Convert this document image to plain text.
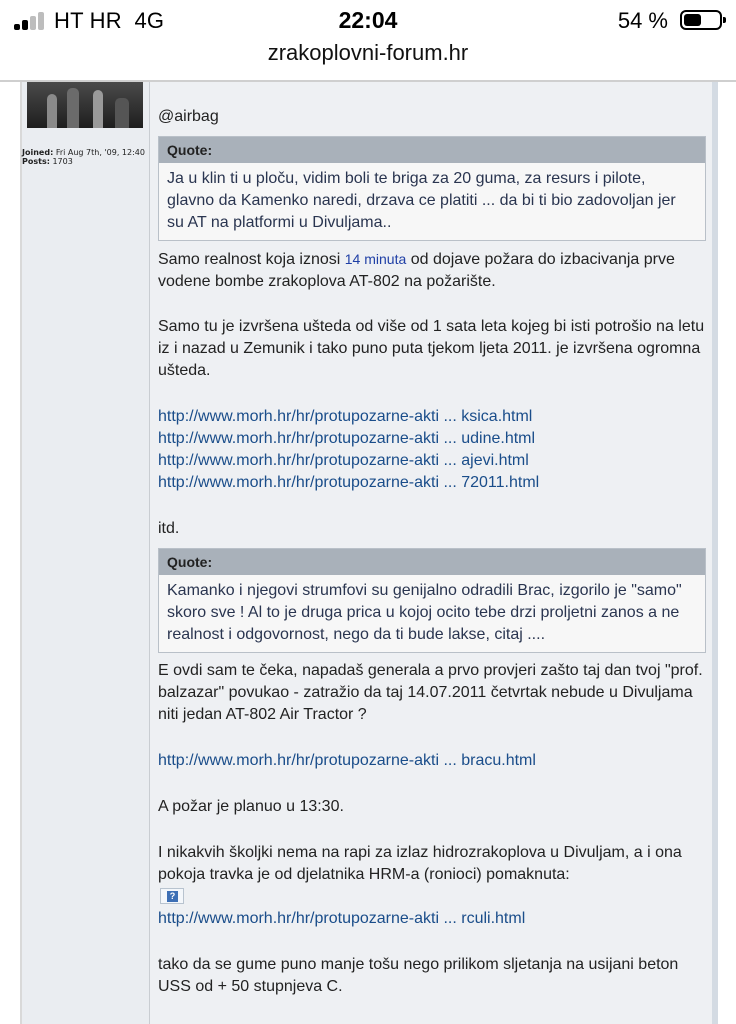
HT HR 4G	22:04	54 %
zrakoplovni-forum.hr
Joined: Fri Aug 7th, '09, 12:40
Posts: 1703
@airbag
Quote:
Ja u klin ti u ploču, vidim boli te briga za 20 guma, za resurs i pilote, glavno da Kamenko naredi, drzava ce platiti ... da bi ti bio zadovoljan jer su AT na platformi u Divuljama..
Samo realnost koja iznosi 14 minuta od dojave požara do izbacivanja prve vodene bombe zrakoplova AT-802 na požarište.
Samo tu je izvršena ušteda od više od 1 sata leta kojeg bi isti potrošio na letu iz i nazad u Zemunik i tako puno puta tjekom ljeta 2011. je izvršena ogromna ušteda.
http://www.morh.hr/hr/protupozarne-akti ... ksica.html
http://www.morh.hr/hr/protupozarne-akti ... udine.html
http://www.morh.hr/hr/protupozarne-akti ... ajevi.html
http://www.morh.hr/hr/protupozarne-akti ... 72011.html
itd.
Quote:
Kamanko i njegovi strumfovi su genijalno odradili Brac, izgorilo je "samo" skoro sve ! Al to je druga prica u kojoj ocito tebe drzi proljetni zanos a ne realnost i odgovornost, nego da ti bude lakse, citaj ....
E ovdi sam te čeka, napadaš generala a prvo provjeri zašto taj dan tvoj "prof. balzazar" povukao - zatražio da taj 14.07.2011 četvrtak nebude u Divuljama niti jedan AT-802 Air Tractor ?
http://www.morh.hr/hr/protupozarne-akti ... bracu.html
A požar je planuo u 13:30.
I nikakvih školjki nema na rapi za izlaz hidrozrakoplova u Divuljam, a i ona pokoja travka je od djelatnika HRM-a (ronioci) pomaknuta:
?
http://www.morh.hr/hr/protupozarne-akti ... rculi.html
tako da se gume puno manje tošu nego prilikom sljetanja na usijani beton USS od + 50 stupnjeva C.
